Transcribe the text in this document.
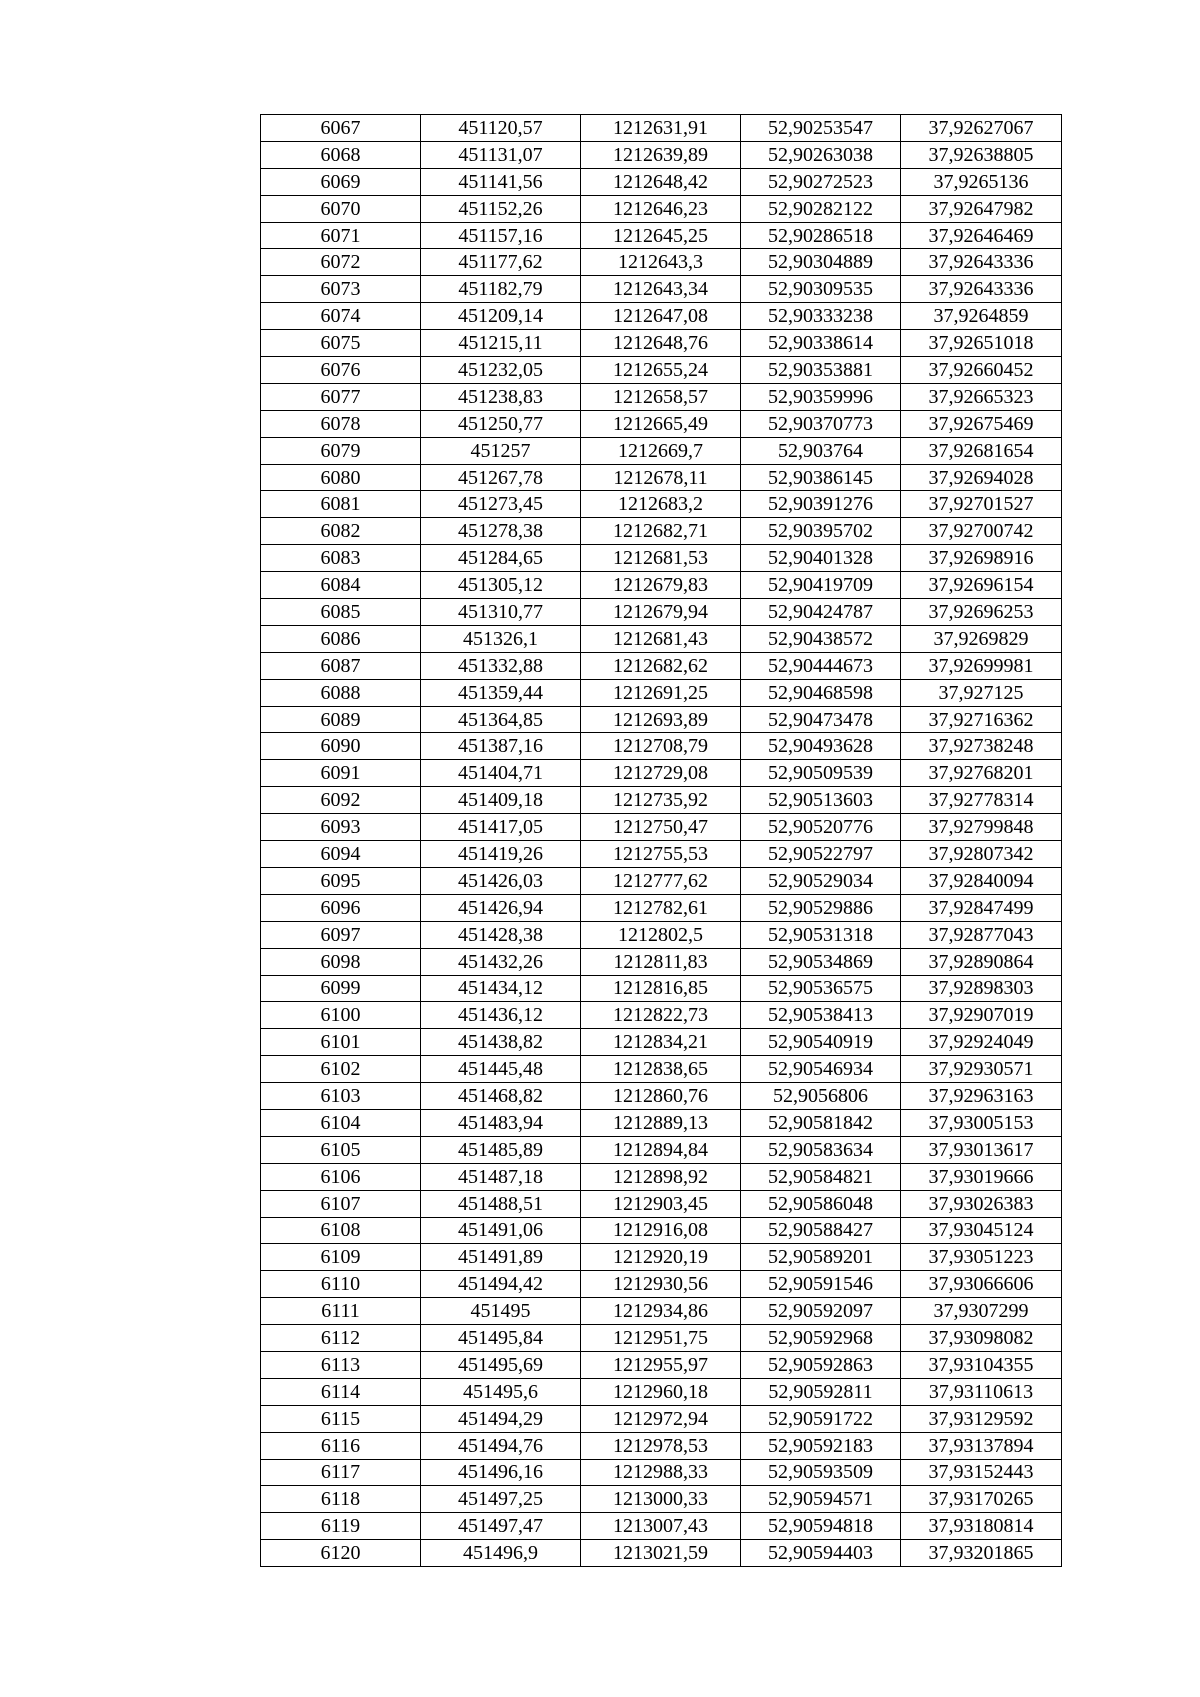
6067	451120,57	1212631,91	52,90253547	37,92627067
6068	451131,07	1212639,89	52,90263038	37,92638805
6069	451141,56	1212648,42	52,90272523	37,9265136
6070	451152,26	1212646,23	52,90282122	37,92647982
6071	451157,16	1212645,25	52,90286518	37,92646469
6072	451177,62	1212643,3	52,90304889	37,92643336
6073	451182,79	1212643,34	52,90309535	37,92643336
6074	451209,14	1212647,08	52,90333238	37,9264859
6075	451215,11	1212648,76	52,90338614	37,92651018
6076	451232,05	1212655,24	52,90353881	37,92660452
6077	451238,83	1212658,57	52,90359996	37,92665323
6078	451250,77	1212665,49	52,90370773	37,92675469
6079	451257	1212669,7	52,903764	37,92681654
6080	451267,78	1212678,11	52,90386145	37,92694028
6081	451273,45	1212683,2	52,90391276	37,92701527
6082	451278,38	1212682,71	52,90395702	37,92700742
6083	451284,65	1212681,53	52,90401328	37,92698916
6084	451305,12	1212679,83	52,90419709	37,92696154
6085	451310,77	1212679,94	52,90424787	37,92696253
6086	451326,1	1212681,43	52,90438572	37,9269829
6087	451332,88	1212682,62	52,90444673	37,92699981
6088	451359,44	1212691,25	52,90468598	37,927125
6089	451364,85	1212693,89	52,90473478	37,92716362
6090	451387,16	1212708,79	52,90493628	37,92738248
6091	451404,71	1212729,08	52,90509539	37,92768201
6092	451409,18	1212735,92	52,90513603	37,92778314
6093	451417,05	1212750,47	52,90520776	37,92799848
6094	451419,26	1212755,53	52,90522797	37,92807342
6095	451426,03	1212777,62	52,90529034	37,92840094
6096	451426,94	1212782,61	52,90529886	37,92847499
6097	451428,38	1212802,5	52,90531318	37,92877043
6098	451432,26	1212811,83	52,90534869	37,92890864
6099	451434,12	1212816,85	52,90536575	37,92898303
6100	451436,12	1212822,73	52,90538413	37,92907019
6101	451438,82	1212834,21	52,90540919	37,92924049
6102	451445,48	1212838,65	52,90546934	37,92930571
6103	451468,82	1212860,76	52,9056806	37,92963163
6104	451483,94	1212889,13	52,90581842	37,93005153
6105	451485,89	1212894,84	52,90583634	37,93013617
6106	451487,18	1212898,92	52,90584821	37,93019666
6107	451488,51	1212903,45	52,90586048	37,93026383
6108	451491,06	1212916,08	52,90588427	37,93045124
6109	451491,89	1212920,19	52,90589201	37,93051223
6110	451494,42	1212930,56	52,90591546	37,93066606
6111	451495	1212934,86	52,90592097	37,9307299
6112	451495,84	1212951,75	52,90592968	37,93098082
6113	451495,69	1212955,97	52,90592863	37,93104355
6114	451495,6	1212960,18	52,90592811	37,93110613
6115	451494,29	1212972,94	52,90591722	37,93129592
6116	451494,76	1212978,53	52,90592183	37,93137894
6117	451496,16	1212988,33	52,90593509	37,93152443
6118	451497,25	1213000,33	52,90594571	37,93170265
6119	451497,47	1213007,43	52,90594818	37,93180814
6120	451496,9	1213021,59	52,90594403	37,93201865
